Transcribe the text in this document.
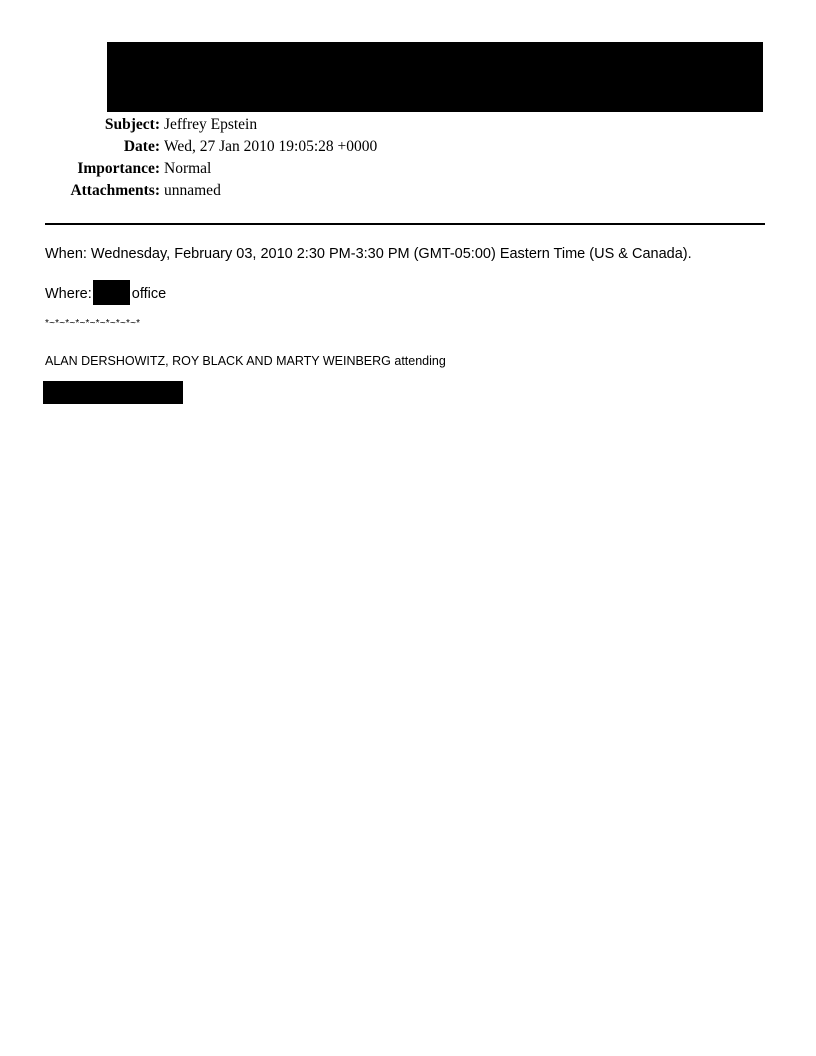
Subject: Jeffrey Epstein
Date: Wed, 27 Jan 2010 19:05:28 +0000
Importance: Normal
Attachments: unnamed
When: Wednesday, February 03, 2010 2:30 PM-3:30 PM (GMT-05:00) Eastern Time (US & Canada).
Where:	office
*~*~*~*~*~*~*~*~*~*
ALAN DERSHOWITZ, ROY BLACK AND MARTY WEINBERG attending
